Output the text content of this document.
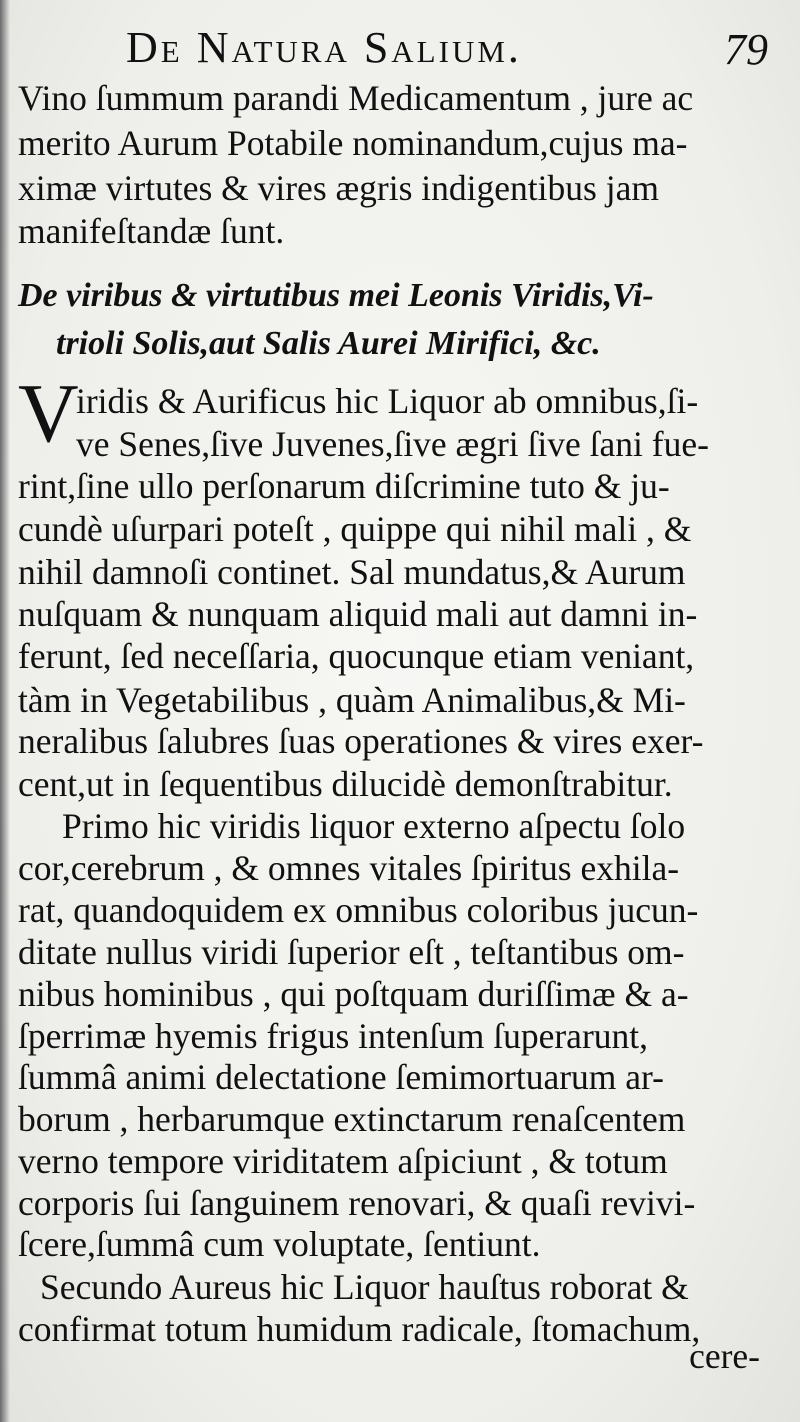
De Natura Salium.	79
Vino ſummum parandi Medicamentum , jure ac
merito Aurum Potabile nominandum,cujus ma-
ximæ virtutes & vires ægris indigentibus jam
manifeſtandæ ſunt.
De viribus & virtutibus mei Leonis Viridis,Vi-
trioli Solis,aut Salis Aurei Mirifici, &c.
V
iridis & Aurificus hic Liquor ab omnibus,ſi-
ve Senes,ſive Juvenes,ſive ægri ſive ſani fue-
rint,ſine ullo perſonarum diſcrimine tuto & ju-
cundè uſurpari poteſt , quippe qui nihil mali , &
nihil damnoſi continet. Sal mundatus,& Aurum
nuſquam & nunquam aliquid mali aut damni in-
ferunt, ſed neceſſaria, quocunque etiam veniant,
tàm in Vegetabilibus , quàm Animalibus,& Mi-
neralibus ſalubres ſuas operationes & vires exer-
cent,ut in ſequentibus dilucidè demonſtrabitur.
Primo hic viridis liquor externo aſpectu ſolo
cor,cerebrum , & omnes vitales ſpiritus exhila-
rat, quandoquidem ex omnibus coloribus jucun-
ditate nullus viridi ſuperior eſt , teſtantibus om-
nibus hominibus , qui poſtquam duriſſimæ & a-
ſperrimæ hyemis frigus intenſum ſuperarunt,
ſummâ animi delectatione ſemimortuarum ar-
borum , herbarumque extinctarum renaſcentem
verno tempore viriditatem aſpiciunt , & totum
corporis ſui ſanguinem renovari, & quaſi revivi-
ſcere,ſummâ cum voluptate, ſentiunt.
Secundo Aureus hic Liquor hauſtus roborat &
confirmat totum humidum radicale, ſtomachum,
cere-
